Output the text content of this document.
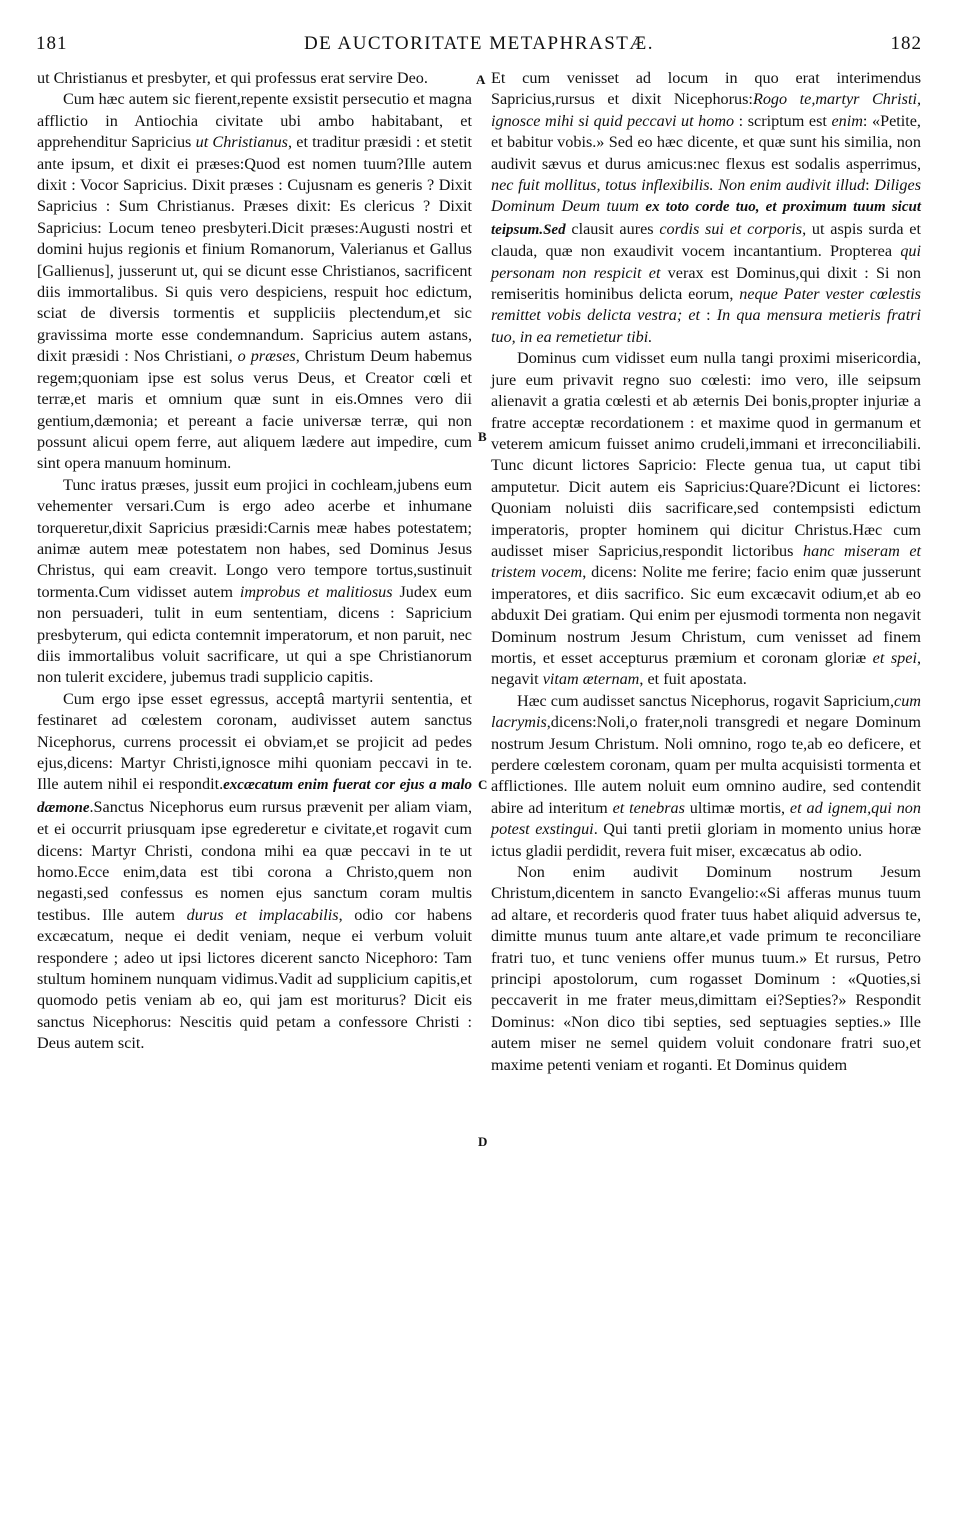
181	DE AUCTORITATE METAPHRASTÆ.	182

ut Christianus et presbyter, et qui professus erat servire Deo.

Cum hæc autem sic fierent,repente exsistit persecutio et magna afflictio in Antiochia civitate ubi ambo habitabant, et apprehenditur Sapricius ut Christianus, et traditur præsidi : et stetit ante ipsum, et dixit ei præses:Quod est nomen tuum?Ille autem dixit : Vocor Sapricius. Dixit præses : Cujusnam es generis ? Dixit Sapricius : Sum Christianus. Præses dixit: Es clericus ? Dixit Sapricius: Locum teneo presbyteri.Dicit præses:Augusti nostri et domini hujus regionis et finium Romanorum, Valerianus et Gallus [Gallienus], jusserunt ut, qui se dicunt esse Christianos, sacrificent diis immortalibus. Si quis vero despiciens, respuit hoc edictum, sciat de diversis tormentis et suppliciis plectendum,et sic gravissima morte esse condemnandum. Sapricius autem astans, dixit præsidi : Nos Christiani, o præses, Christum Deum habemus regem;quoniam ipse est solus verus Deus, et Creator cœli et terræ,et maris et omnium quæ sunt in eis.Omnes vero dii gentium,dæmonia; et pereant a facie universæ terræ, qui non possunt alicui opem ferre, aut aliquem lædere aut impedire, cum sint opera manuum hominum.

Tunc iratus præses, jussit eum projici in cochleam,jubens eum vehementer versari.Cum is ergo adeo acerbe et inhumane torqueretur,dixit Sapricius præsidi:Carnis meæ habes potestatem; animæ autem meæ potestatem non habes, sed Dominus Jesus Christus, qui eam creavit. Longo vero tempore tortus,sustinuit tormenta.Cum vidisset autem improbus et malitiosus Judex eum non persuaderi, tulit in eum sententiam, dicens : Sapricium presbyterum, qui edicta contemnit imperatorum, et non paruit, nec diis immortalibus voluit sacrificare, ut qui a spe Christianorum non tulerit excidere, jubemus tradi supplicio capitis.

Cum ergo ipse esset egressus, acceptâ martyrii sententia, et festinaret ad cœlestem coronam, audivisset autem sanctus Nicephorus, currens processit ei obviam,et se projicit ad pedes ejus,dicens: Martyr Christi,ignosce mihi quoniam peccavi in te. Ille autem nihil ei respondit.excæcatum enim fuerat cor ejus a malo dæmone.Sanctus Nicephorus eum rursus prævenit per aliam viam, et ei occurrit priusquam ipse egrederetur e civitate,et rogavit cum dicens: Martyr Christi, condona mihi ea quæ peccavi in te ut homo.Ecce enim,data est tibi corona a Christo,quem non negasti,sed confessus es nomen ejus sanctum coram multis testibus. Ille autem durus et implacabilis, odio cor habens excæcatum, neque ei dedit veniam, neque ei verbum voluit respondere ; adeo ut ipsi lictores dicerent sancto Nicephoro: Tam stultum hominem nunquam vidimus.Vadit ad supplicium capitis,et quomodo petis veniam ab eo, qui jam est moriturus? Dicit eis sanctus Nicephorus: Nescitis quid petam a confessore Christi : Deus autem scit.

Et cum venisset ad locum in quo erat interimendus Sapricius,rursus et dixit Nicephorus:Rogo te,martyr Christi, ignosce mihi si quid peccavi ut homo : scriptum est enim: «Petite, et babitur vobis.» Sed eo hæc dicente, et quæ sunt his similia, non audivit sævus et durus amicus:nec flexus est sodalis asperrimus, nec fuit mollitus, totus inflexibilis. Non enim audivit illud: Diliges Dominum Deum tuum ex toto corde tuo, et proximum tuum sicut teipsum.Sed clausit aures cordis sui et corporis, ut aspis surda et clauda, quæ non exaudivit vocem incantantium. Propterea qui personam non respicit et verax est Dominus,qui dixit : Si non remiseritis hominibus delicta eorum, neque Pater vester cœlestis remittet vobis delicta vestra; et : In qua mensura metieris fratri tuo, in ea remetietur tibi.

Dominus cum vidisset eum nulla tangi proximi misericordia, jure eum privavit regno suo cœlesti: imo vero, ille seipsum alienavit a gratia cœlesti et ab æternis Dei bonis,propter injuriæ a fratre acceptæ recordationem : et maxime quod in germanum et veterem amicum fuisset animo crudeli,immani et irreconciliabili. Tunc dicunt lictores Sapricio: Flecte genua tua, ut caput tibi amputetur. Dicit autem eis Sapricius:Quare?Dicunt ei lictores: Quoniam noluisti diis sacrificare,sed contempsisti edictum imperatoris, propter hominem qui dicitur Christus.Hæc cum audisset miser Sapricius,respondit lictoribus hanc miseram et tristem vocem, dicens: Nolite me ferire; facio enim quæ jusserunt imperatores, et diis sacrifico. Sic eum excæcavit odium,et ab eo abduxit Dei gratiam. Qui enim per ejusmodi tormenta non negavit Dominum nostrum Jesum Christum, cum venisset ad finem mortis, et esset accepturus præmium et coronam gloriæ et spei, negavit vitam æternam, et fuit apostata.

Hæc cum audisset sanctus Nicephorus, rogavit Sapricium,cum lacrymis,dicens:Noli,o frater,noli transgredi et negare Dominum nostrum Jesum Christum. Noli omnino, rogo te,ab eo deficere, et perdere cœlestem coronam, quam per multa acquisisti tormenta et afflictiones. Ille autem noluit eum omnino audire, sed contendit abire ad interitum et tenebras ultimæ mortis, et ad ignem,qui non potest exstingui. Qui tanti pretii gloriam in momento unius horæ ictus gladii perdidit, revera fuit miser, excæcatus ab odio.

Non enim audivit Dominum nostrum Jesum Christum,dicentem in sancto Evangelio:«Si afferas munus tuum ad altare, et recorderis quod frater tuus habet aliquid adversus te, dimitte munus tuum ante altare,et vade primum te reconciliare fratri tuo, et tunc veniens offer munus tuum.» Et rursus, Petro principi apostolorum, cum rogasset Dominum : «Quoties,si peccaverit in me frater meus,dimittam ei?Septies?» Respondit Dominus: «Non dico tibi septies, sed septuagies septies.» Ille autem miser ne semel quidem voluit condonare fratri suo,et maxime petenti veniam et roganti. Et Dominus quidem

A
B
C
D
